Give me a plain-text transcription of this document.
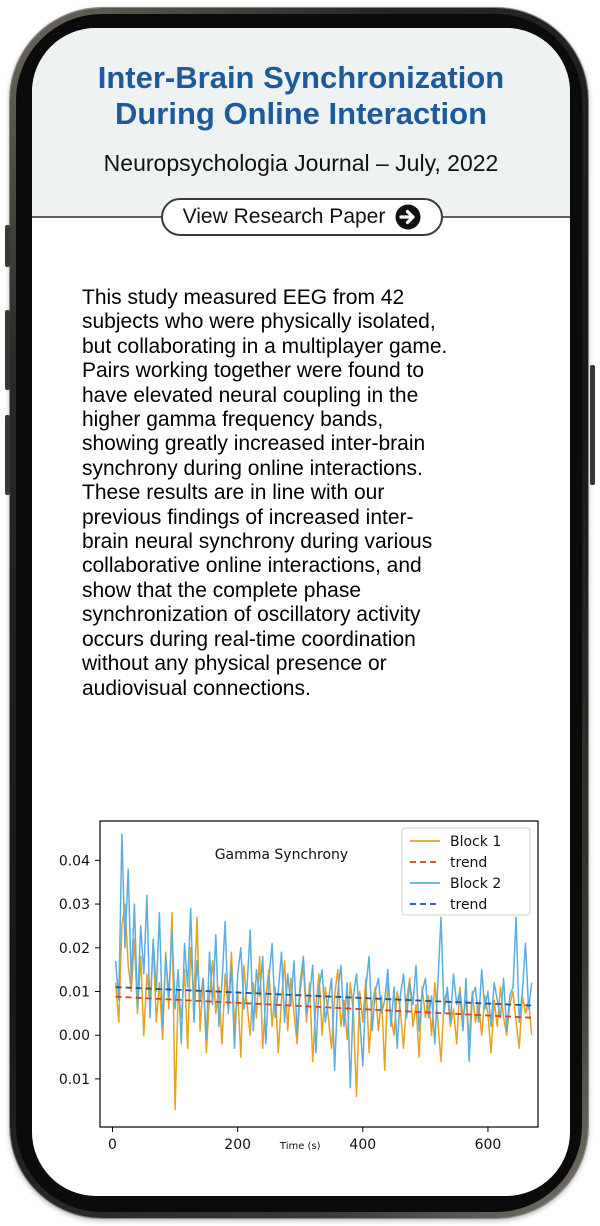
Inter-Brain Synchronization
During Online Interaction
Neuropsychologia Journal – July, 2022
View Research Paper
This study measured EEG from 42
subjects who were physically isolated,
but collaborating in a multiplayer game.
Pairs working together were found to
have elevated neural coupling in the
higher gamma frequency bands,
showing greatly increased inter-brain
synchrony during online interactions.
These results are in line with our
previous findings of increased inter-
brain neural synchrony during various
collaborative online interactions, and
show that the complete phase
synchronization of oscillatory activity
occurs during real-time coordination
without any physical presence or
audiovisual connections.
0.04
0.03
0.02
0.01
0.00
0.01
0	200	400	600
Time (s)
Gamma Synchrony
Block 1
trend
Block 2
trend
